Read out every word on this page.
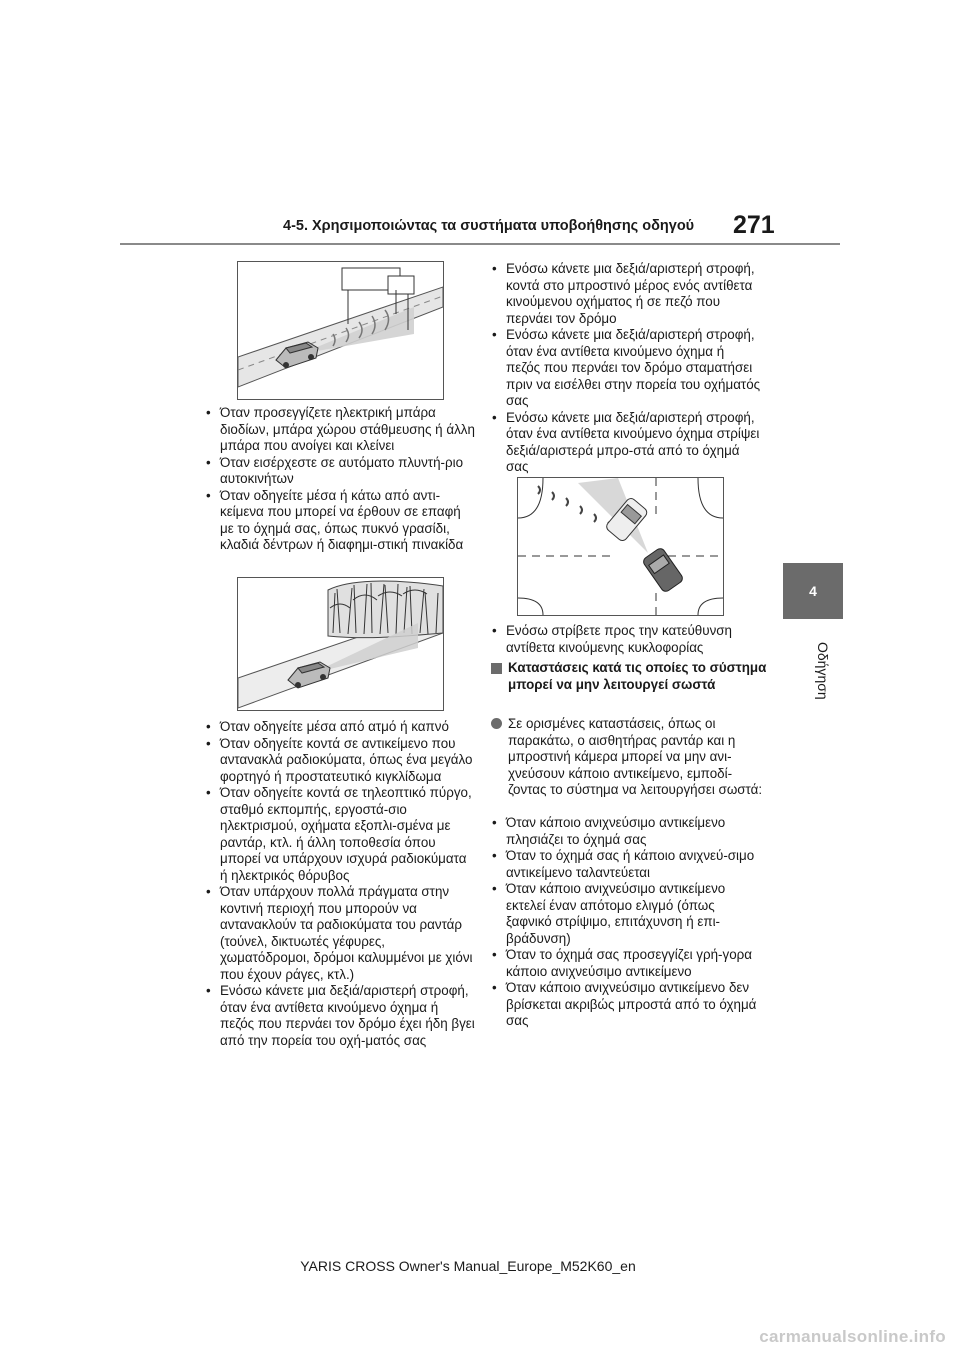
4-5. Χρησιμοποιώντας τα συστήματα υποβοήθησης οδηγού	271
4
Οδήγηση
• Όταν προσεγγίζετε ηλεκτρική μπάρα διοδίων, μπάρα χώρου στάθμευσης ή άλλη μπάρα που ανοίγει και κλείνει
• Όταν εισέρχεστε σε αυτόματο πλυντή-ριο αυτοκινήτων
• Όταν οδηγείτε μέσα ή κάτω από αντι-κείμενα που μπορεί να έρθουν σε επαφή με το όχημά σας, όπως πυκνό γρασίδι, κλαδιά δέντρων ή διαφημι-στική πινακίδα
• Όταν οδηγείτε μέσα από ατμό ή καπνό
• Όταν οδηγείτε κοντά σε αντικείμενο που αντανακλά ραδιοκύματα, όπως ένα μεγάλο φορτηγό ή προστατευτικό κιγκλίδωμα
• Όταν οδηγείτε κοντά σε τηλεοπτικό πύργο, σταθμό εκπομπής, εργοστά-σιο ηλεκτρισμού, οχήματα εξοπλι-σμένα με ραντάρ, κτλ. ή άλλη τοποθεσία όπου μπορεί να υπάρχουν ισχυρά ραδιοκύματα ή ηλεκτρικός θόρυβος
• Όταν υπάρχουν πολλά πράγματα στην κοντινή περιοχή που μπορούν να αντανακλούν τα ραδιοκύματα του ραντάρ (τούνελ, δικτυωτές γέφυρες, χωματόδρομοι, δρόμοι καλυμμένοι με χιόνι που έχουν ράγες, κτλ.)
• Ενόσω κάνετε μια δεξιά/αριστερή στροφή, όταν ένα αντίθετα κινούμενο όχημα ή πεζός που περνάει τον δρόμο έχει ήδη βγει από την πορεία του οχή-ματός σας
• Ενόσω κάνετε μια δεξιά/αριστερή στροφή, κοντά στο μπροστινό μέρος ενός αντίθετα κινούμενου οχήματος ή σε πεζό που περνάει τον δρόμο
• Ενόσω κάνετε μια δεξιά/αριστερή στροφή, όταν ένα αντίθετα κινούμενο όχημα ή πεζός που περνάει τον δρόμο σταματήσει πριν να εισέλθει στην πορεία του οχήματός σας
• Ενόσω κάνετε μια δεξιά/αριστερή στροφή, όταν ένα αντίθετα κινούμενο όχημα στρίψει δεξιά/αριστερά μπρο-στά από το όχημά σας
• Ενόσω στρίβετε προς την κατεύθυνση αντίθετα κινούμενης κυκλοφορίας
Καταστάσεις κατά τις οποίες το σύστημα μπορεί να μην λειτουργεί σωστά
Σε ορισμένες καταστάσεις, όπως οι παρακάτω, ο αισθητήρας ραντάρ και η μπροστινή κάμερα μπορεί να μην ανι-χνεύσουν κάποιο αντικείμενο, εμποδί-ζοντας το σύστημα να λειτουργήσει σωστά:
• Όταν κάποιο ανιχνεύσιμο αντικείμενο πλησιάζει το όχημά σας
• Όταν το όχημά σας ή κάποιο ανιχνεύ-σιμο αντικείμενο ταλαντεύεται
• Όταν κάποιο ανιχνεύσιμο αντικείμενο εκτελεί έναν απότομο ελιγμό (όπως ξαφνικό στρίψιμο, επιτάχυνση ή επι-βράδυνση)
• Όταν το όχημά σας προσεγγίζει γρή-γορα κάποιο ανιχνεύσιμο αντικείμενο
• Όταν κάποιο ανιχνεύσιμο αντικείμενο δεν βρίσκεται ακριβώς μπροστά από το όχημά σας
YARIS CROSS Owner's Manual_Europe_M52K60_en
carmanualsonline.info
